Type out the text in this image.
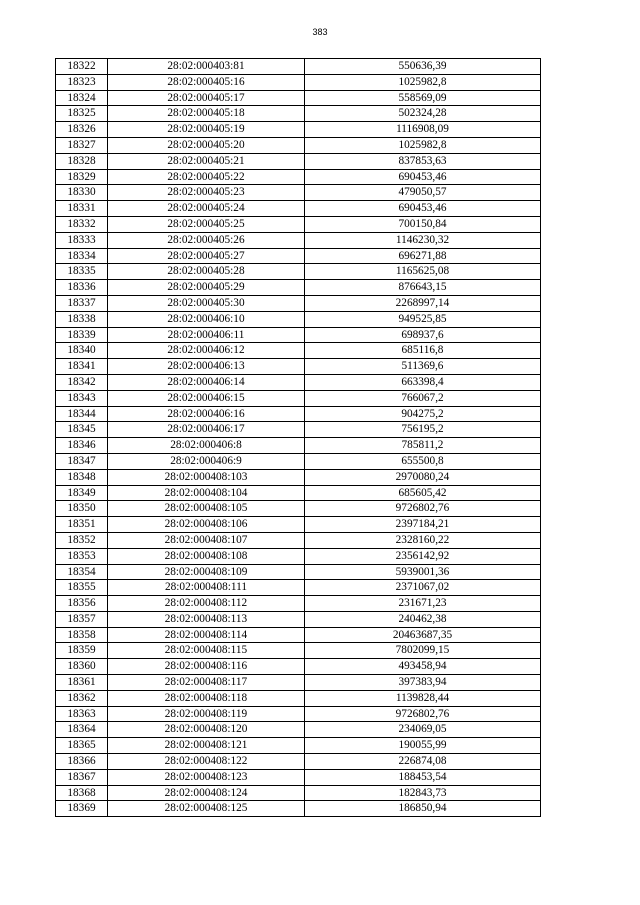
383
18322	28:02:000403:81	550636,39
18323	28:02:000405:16	1025982,8
18324	28:02:000405:17	558569,09
18325	28:02:000405:18	502324,28
18326	28:02:000405:19	1116908,09
18327	28:02:000405:20	1025982,8
18328	28:02:000405:21	837853,63
18329	28:02:000405:22	690453,46
18330	28:02:000405:23	479050,57
18331	28:02:000405:24	690453,46
18332	28:02:000405:25	700150,84
18333	28:02:000405:26	1146230,32
18334	28:02:000405:27	696271,88
18335	28:02:000405:28	1165625,08
18336	28:02:000405:29	876643,15
18337	28:02:000405:30	2268997,14
18338	28:02:000406:10	949525,85
18339	28:02:000406:11	698937,6
18340	28:02:000406:12	685116,8
18341	28:02:000406:13	511369,6
18342	28:02:000406:14	663398,4
18343	28:02:000406:15	766067,2
18344	28:02:000406:16	904275,2
18345	28:02:000406:17	756195,2
18346	28:02:000406:8	785811,2
18347	28:02:000406:9	655500,8
18348	28:02:000408:103	2970080,24
18349	28:02:000408:104	685605,42
18350	28:02:000408:105	9726802,76
18351	28:02:000408:106	2397184,21
18352	28:02:000408:107	2328160,22
18353	28:02:000408:108	2356142,92
18354	28:02:000408:109	5939001,36
18355	28:02:000408:111	2371067,02
18356	28:02:000408:112	231671,23
18357	28:02:000408:113	240462,38
18358	28:02:000408:114	20463687,35
18359	28:02:000408:115	7802099,15
18360	28:02:000408:116	493458,94
18361	28:02:000408:117	397383,94
18362	28:02:000408:118	1139828,44
18363	28:02:000408:119	9726802,76
18364	28:02:000408:120	234069,05
18365	28:02:000408:121	190055,99
18366	28:02:000408:122	226874,08
18367	28:02:000408:123	188453,54
18368	28:02:000408:124	182843,73
18369	28:02:000408:125	186850,94
